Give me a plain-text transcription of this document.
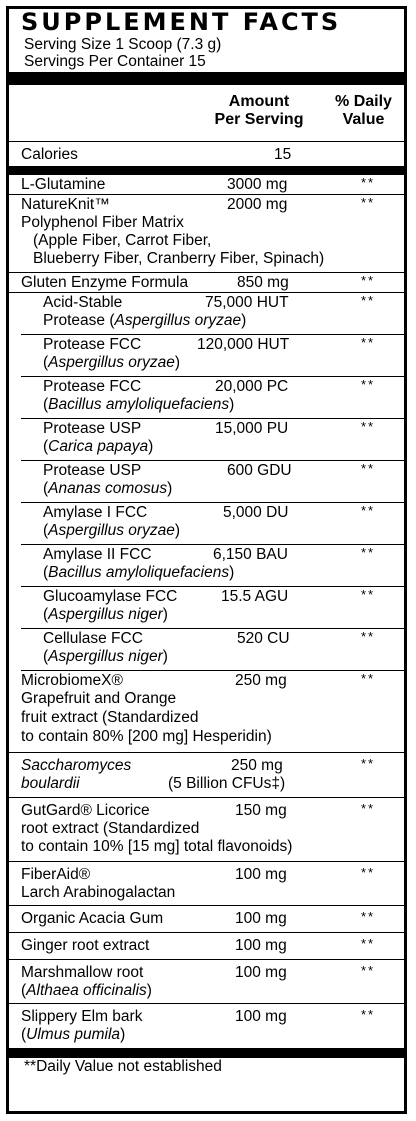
SUPPLEMENT FACTS
Serving Size 1 Scoop (7.3 g)
Servings Per Container 15
Amount
Per Serving
% Daily
Value
Calories	15
L-Glutamine	3000 mg	**
NatureKnit™	2000 mg	**
Polyphenol Fiber Matrix
(Apple Fiber, Carrot Fiber,
Blueberry Fiber, Cranberry Fiber, Spinach)
Gluten Enzyme Formula	850 mg	**
Acid-Stable	75,000 HUT	**
Protease (Aspergillus oryzae)
Protease FCC	120,000 HUT	**
(Aspergillus oryzae)
Protease FCC	20,000 PC	**
(Bacillus amyloliquefaciens)
Protease USP	15,000 PU	**
(Carica papaya)
Protease USP	600 GDU	**
(Ananas comosus)
Amylase I FCC	5,000 DU	**
(Aspergillus oryzae)
Amylase II FCC	6,150 BAU	**
(Bacillus amyloliquefaciens)
Glucoamylase FCC	15.5 AGU	**
(Aspergillus niger)
Cellulase FCC	520 CU	**
(Aspergillus niger)
MicrobiomeX®	250 mg	**
Grapefruit and Orange
fruit extract (Standardized
to contain 80% [200 mg] Hesperidin)
Saccharomyces	250 mg	**
boulardii	(5 Billion CFUs‡)
GutGard® Licorice	150 mg	**
root extract (Standardized
to contain 10% [15 mg] total flavonoids)
FiberAid®	100 mg	**
Larch Arabinogalactan
Organic Acacia Gum	100 mg	**
Ginger root extract	100 mg	**
Marshmallow root	100 mg	**
(Althaea officinalis)
Slippery Elm bark	100 mg	**
(Ulmus pumila)
**Daily Value not established
